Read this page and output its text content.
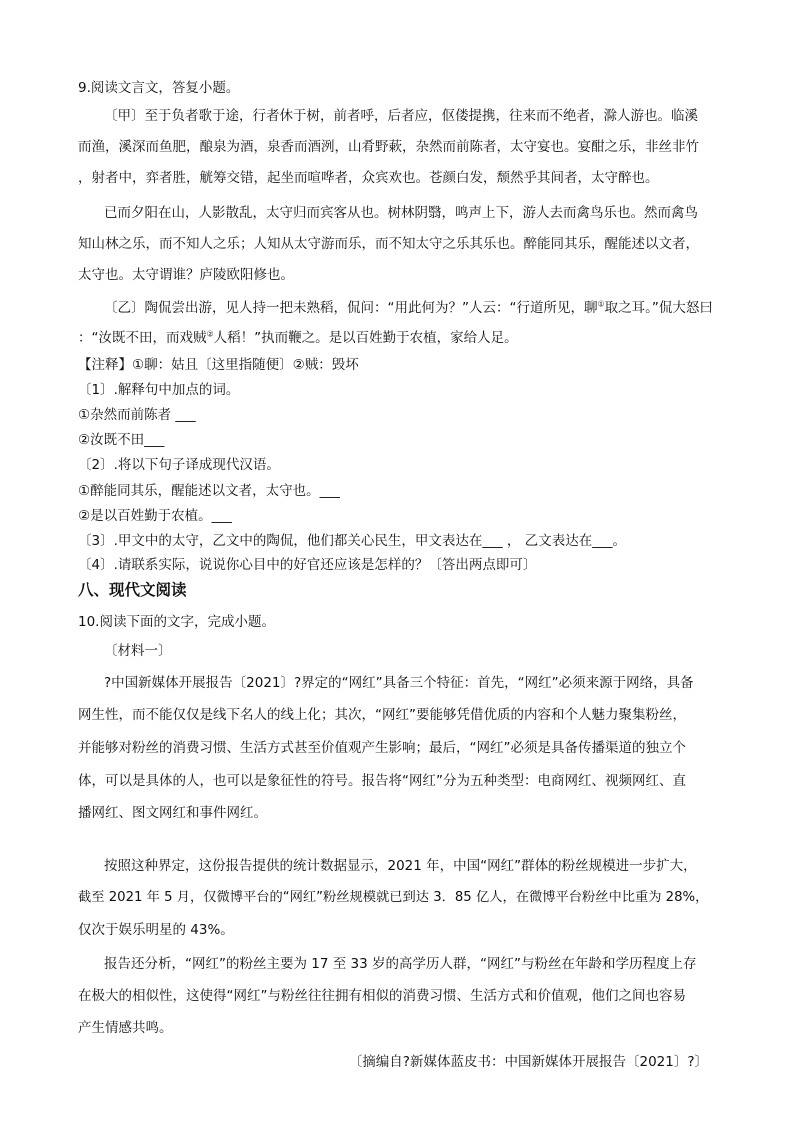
9.阅读文言文，答复小题。
〔甲〕至于负者歌于途，行者休于树，前者呼，后者应，伛偻提携，往来而不绝者，滁人游也。临溪
而渔，溪深而鱼肥，酿泉为酒，泉香而酒洌，山肴野蔌，杂然而前陈者，太守宴也。宴酣之乐，非丝非竹
，射者中，弈者胜，觥筹交错，起坐而喧哗者，众宾欢也。苍颜白发，颓然乎其间者，太守醉也。
已而夕阳在山，人影散乱，太守归而宾客从也。树林阴翳，鸣声上下，游人去而禽鸟乐也。然而禽鸟
知山林之乐，而不知人之乐；人知从太守游而乐，而不知太守之乐其乐也。醉能同其乐，醒能述以文者，
太守也。太守谓谁？庐陵欧阳修也。
〔乙〕陶侃尝出游，见人持一把未熟稻，侃问：“用此何为？”人云：“行道所见，聊①取之耳。”侃大怒曰
：“汝既不田，而戏贼②人稻！”执而鞭之。是以百姓勤于农植，家给人足。
【注释】①聊：姑且〔这里指随便〕②贼：毁坏
〔1〕.解释句中加点的词。
①杂然而前陈者 ___
②汝既不田___
〔2〕.将以下句子译成现代汉语。
①醉能同其乐，醒能述以文者，太守也。___
②是以百姓勤于农植。___
〔3〕.甲文中的太守，乙文中的陶侃，他们都关心民生，甲文表达在___ ， 乙文表达在___。
〔4〕.请联系实际，说说你心目中的好官还应该是怎样的？〔答出两点即可〕
八、现代文阅读
10.阅读下面的文字，完成小题。
〔材料一〕
?中国新媒体开展报告〔2021〕?界定的“网红”具备三个特征：首先，“网红”必须来源于网络，具备
网生性，而不能仅仅是线下名人的线上化；其次，“网红”要能够凭借优质的内容和个人魅力聚集粉丝，
并能够对粉丝的消费习惯、生活方式甚至价值观产生影响；最后，“网红”必须是具备传播渠道的独立个
体，可以是具体的人，也可以是象征性的符号。报告将“网红”分为五种类型：电商网红、视频网红、直
播网红、图文网红和事件网红。
按照这种界定，这份报告提供的统计数据显示，2021 年，中国“网红”群体的粉丝规模进一步扩大，
截至 2021 年 5 月，仅微博平台的“网红”粉丝规模就已到达 3．85 亿人，在微博平台粉丝中比重为 28%，
仅次于娱乐明星的 43%。
报告还分析，“网红”的粉丝主要为 17 至 33 岁的高学历人群，“网红”与粉丝在年龄和学历程度上存
在极大的相似性，这使得“网红”与粉丝往往拥有相似的消费习惯、生活方式和价值观，他们之间也容易
产生情感共鸣。
〔摘编自?新媒体蓝皮书：中国新媒体开展报告〔2021〕?〕
